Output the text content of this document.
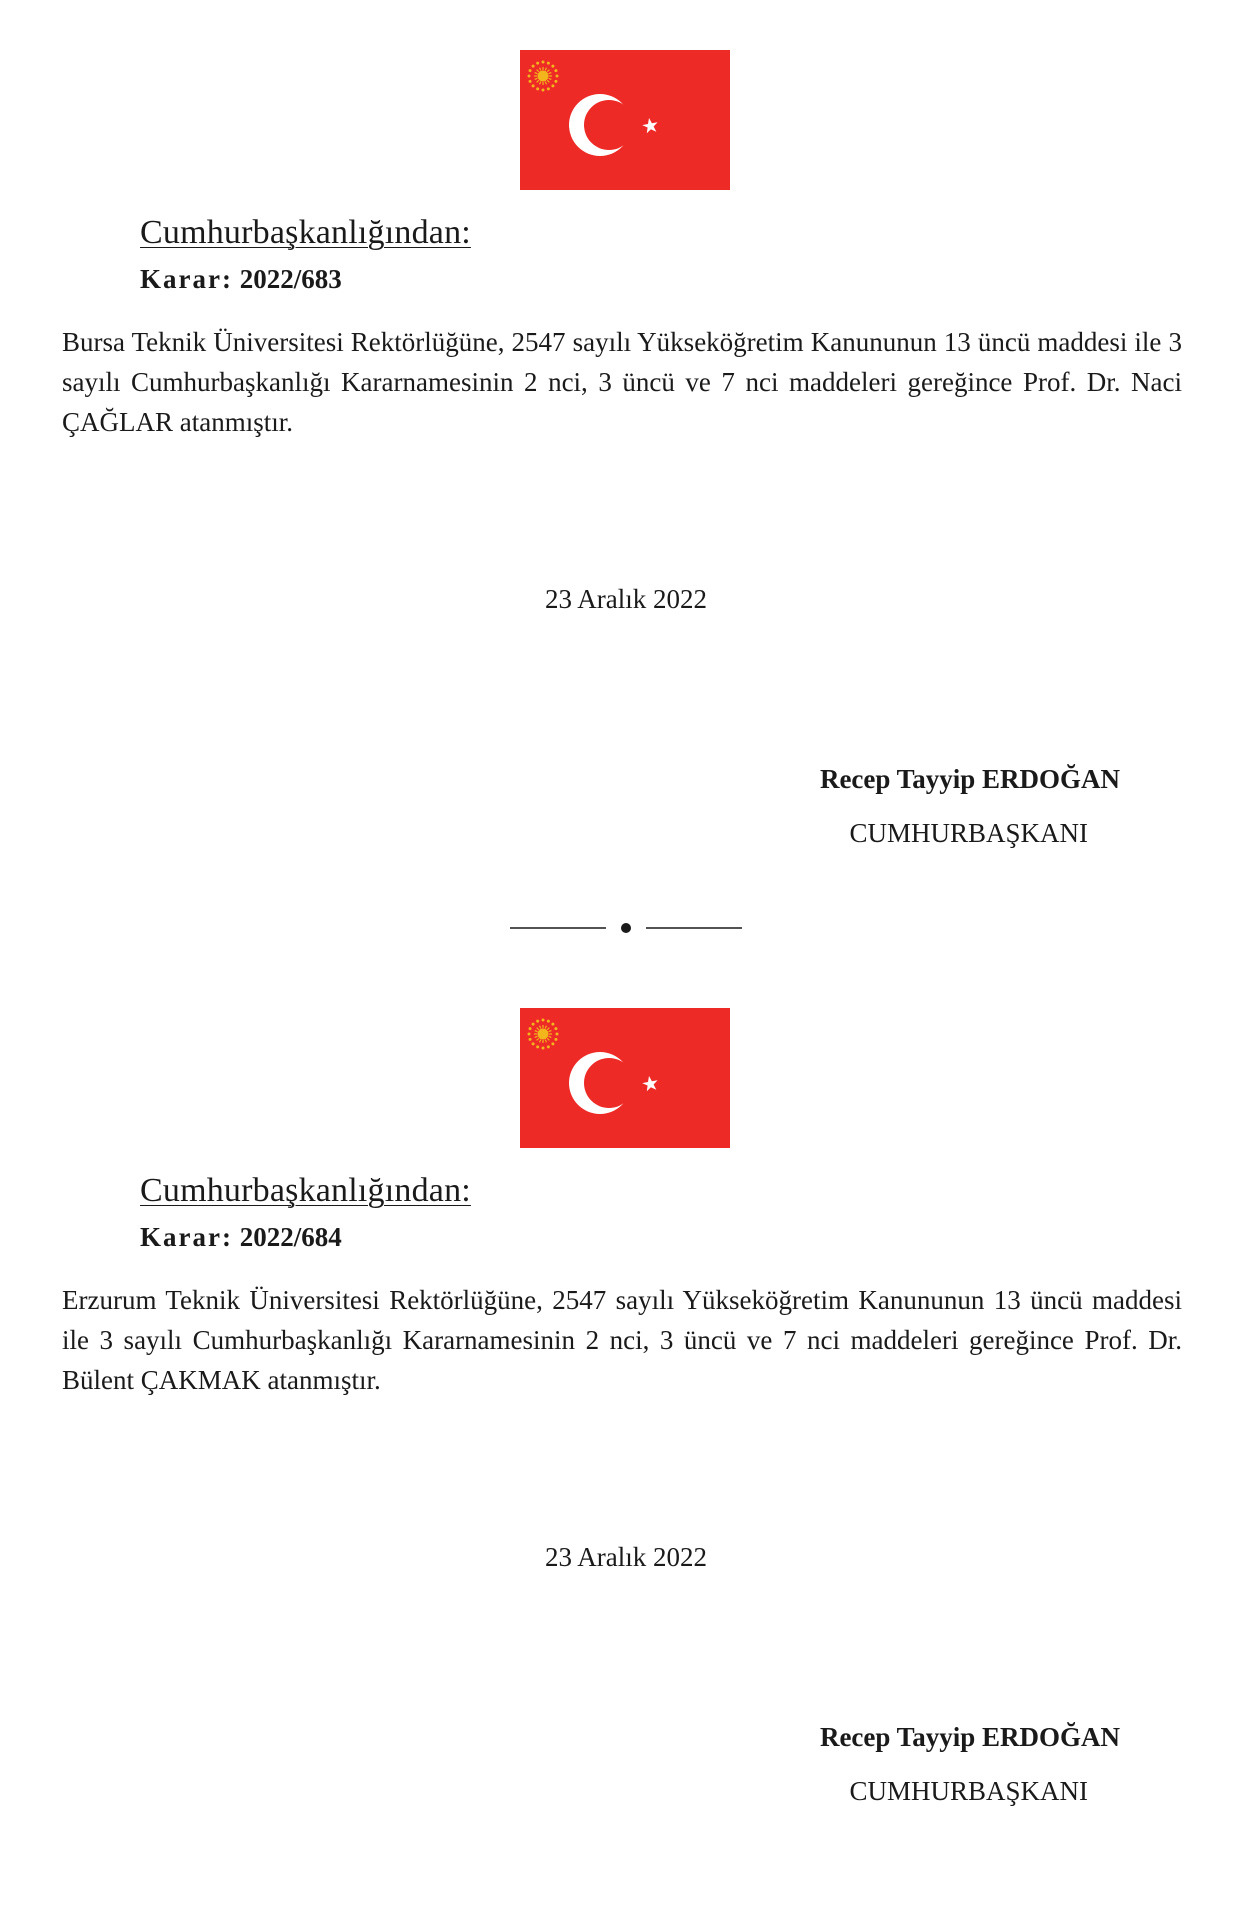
Cumhurbaşkanlığından:
Karar: 2022/683

Bursa Teknik Üniversitesi Rektörlüğüne, 2547 sayılı Yükseköğretim Kanununun 13 üncü maddesi ile 3 sayılı Cumhurbaşkanlığı Kararnamesinin 2 nci, 3 üncü ve 7 nci maddeleri gereğince Prof. Dr. Naci ÇAĞLAR atanmıştır.

23 Aralık 2022
Recep Tayyip ERDOĞAN
CUMHURBAŞKANI
Cumhurbaşkanlığından:
Karar: 2022/684

Erzurum Teknik Üniversitesi Rektörlüğüne, 2547 sayılı Yükseköğretim Kanununun 13 üncü maddesi ile 3 sayılı Cumhurbaşkanlığı Kararnamesinin 2 nci, 3 üncü ve 7 nci maddeleri gereğince Prof. Dr. Bülent ÇAKMAK atanmıştır.

23 Aralık 2022
Recep Tayyip ERDOĞAN
CUMHURBAŞKANI
